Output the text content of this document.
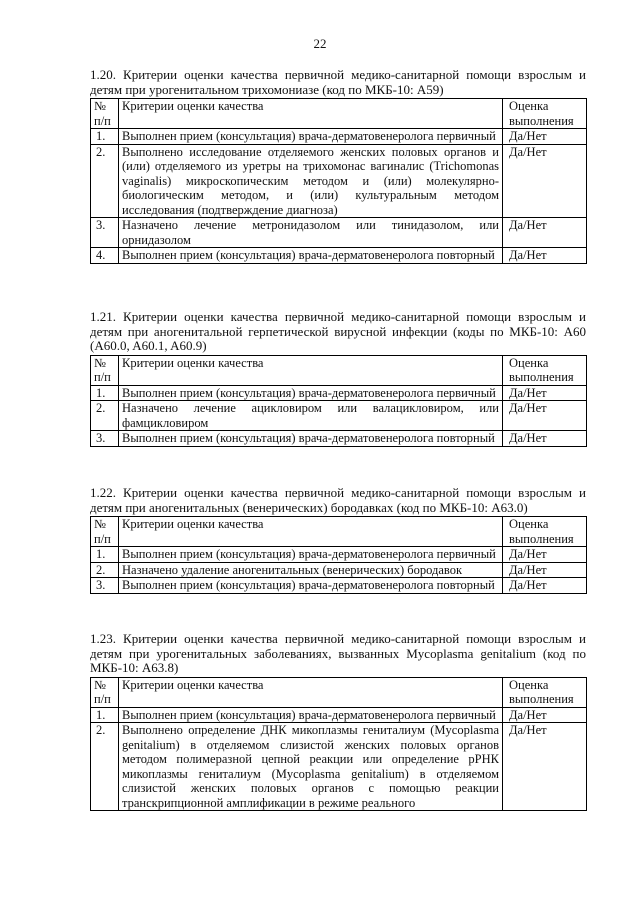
22

1.20. Критерии оценки качества первичной медико-санитарной помощи взрослым и детям при урогенитальном трихомониазе (код по МКБ-10: A59)

№ п/п	Критерии оценки качества	Оценка выполнения
1.	Выполнен прием (консультация) врача-дерматовенеролога первичный	Да/Нет
2.	Выполнено исследование отделяемого женских половых органов и (или) отделяемого из уретры на трихомонас вагиналис (Trichomonas vaginalis) микроскопическим методом и (или) молекулярно-биологическим методом, и (или) культуральным методом исследования (подтверждение диагноза)	Да/Нет
3.	Назначено лечение метронидазолом или тинидазолом, или орнидазолом	Да/Нет
4.	Выполнен прием (консультация) врача-дерматовенеролога повторный	Да/Нет

1.21. Критерии оценки качества первичной медико-санитарной помощи взрослым и детям при аногенитальной герпетической вирусной инфекции (коды по МКБ-10: A60 (A60.0, A60.1, A60.9)

№ п/п	Критерии оценки качества	Оценка выполнения
1.	Выполнен прием (консультация) врача-дерматовенеролога первичный	Да/Нет
2.	Назначено лечение ацикловиром или валацикловиром, или фамцикловиром	Да/Нет
3.	Выполнен прием (консультация) врача-дерматовенеролога повторный	Да/Нет

1.22. Критерии оценки качества первичной медико-санитарной помощи взрослым и детям при аногенитальных (венерических) бородавках (код по МКБ-10: A63.0)

№ п/п	Критерии оценки качества	Оценка выполнения
1.	Выполнен прием (консультация) врача-дерматовенеролога первичный	Да/Нет
2.	Назначено удаление аногенитальных (венерических) бородавок	Да/Нет
3.	Выполнен прием (консультация) врача-дерматовенеролога повторный	Да/Нет

1.23. Критерии оценки качества первичной медико-санитарной помощи взрослым и детям при урогенитальных заболеваниях, вызванных Mycoplasma genitalium (код по МКБ-10: A63.8)

№ п/п	Критерии оценки качества	Оценка выполнения
1.	Выполнен прием (консультация) врача-дерматовенеролога первичный	Да/Нет
2.	Выполнено определение ДНК микоплазмы гениталиум (Mycoplasma genitalium) в отделяемом слизистой женских половых органов методом полимеразной цепной реакции или определение рРНК микоплазмы гениталиум (Mycoplasma genitalium) в отделяемом слизистой женских половых органов с помощью реакции транскрипционной амплификации в режиме реального	Да/Нет
